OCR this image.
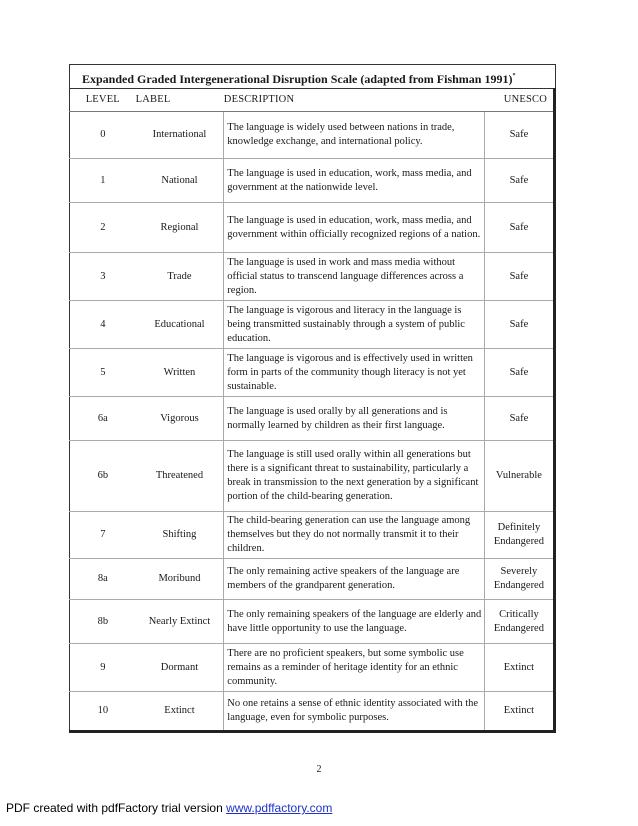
Expanded Graded Intergenerational Disruption Scale (adapted from Fishman 1991)*
LEVEL	LABEL	DESCRIPTION	UNESCO
0	International	The language is widely used between nations in trade, knowledge exchange, and international policy.	Safe
1	National	The language is used in education, work, mass media, and government at the nationwide level.	Safe
2	Regional	The language is used in education, work, mass media, and government within officially recognized regions of a nation.	Safe
3	Trade	The language is used in work and mass media without official status to transcend language differences across a region.	Safe
4	Educational	The language is vigorous and literacy in the language is being transmitted sustainably through a system of public education.	Safe
5	Written	The language is vigorous and is effectively used in written form in parts of the community though literacy is not yet sustainable.	Safe
6a	Vigorous	The language is used orally by all generations and is normally learned by children as their first language.	Safe
6b	Threatened	The language is still used orally within all generations but there is a significant threat to sustainability, particularly a break in transmission to the next generation by a significant portion of the child-bearing generation.	Vulnerable
7	Shifting	The child-bearing generation can use the language among themselves but they do not normally transmit it to their children.	Definitely Endangered
8a	Moribund	The only remaining active speakers of the language are members of the grandparent generation.	Severely Endangered
8b	Nearly Extinct	The only remaining speakers of the language are elderly and have little opportunity to use the language.	Critically Endangered
9	Dormant	There are no proficient speakers, but some symbolic use remains as a reminder of heritage identity for an ethnic community.	Extinct
10	Extinct	No one retains a sense of ethnic identity associated with the language, even for symbolic purposes.	Extinct
2
PDF created with pdfFactory trial version www.pdffactory.com
